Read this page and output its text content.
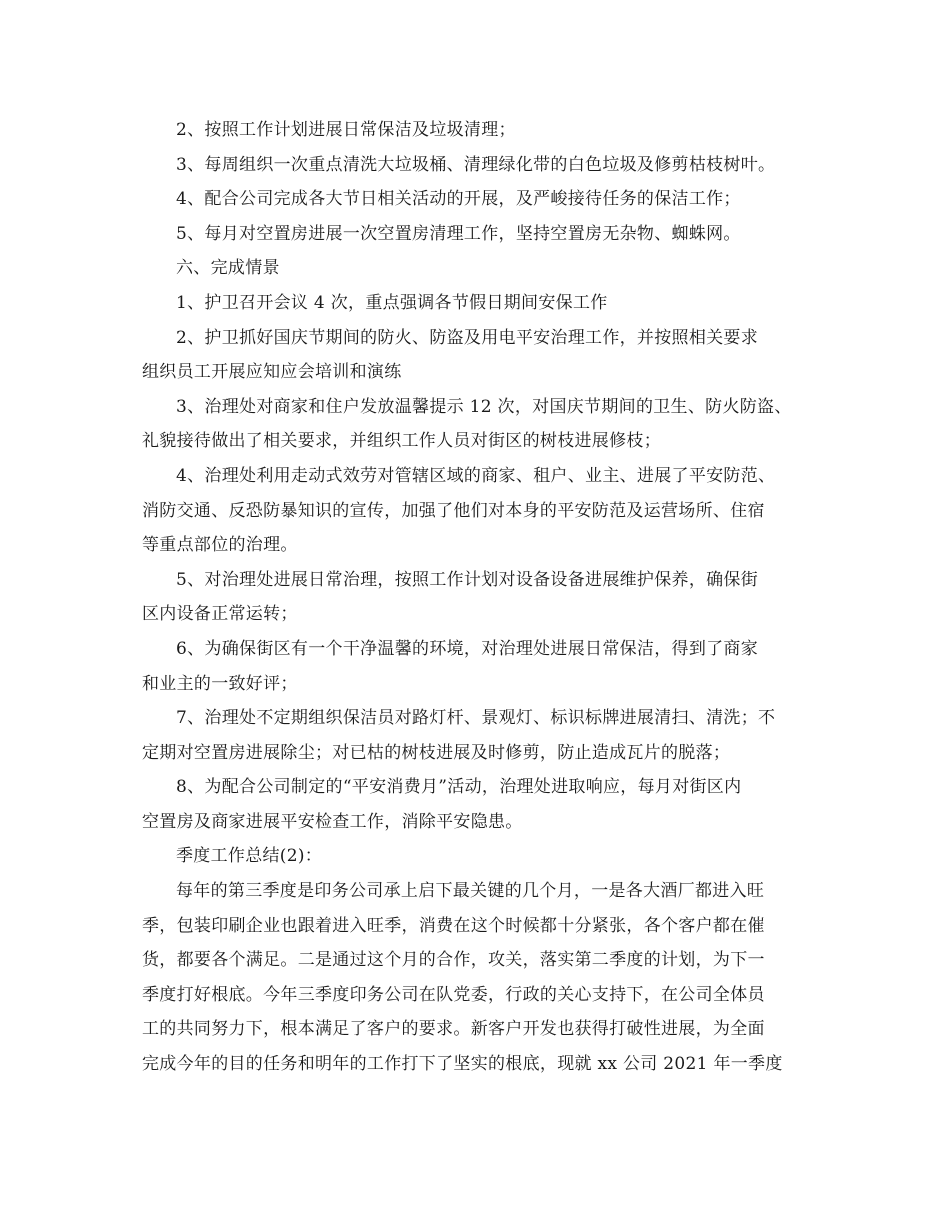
2、按照工作计划进展日常保洁及垃圾清理；
3、每周组织一次重点清洗大垃圾桶、清理绿化带的白色垃圾及修剪枯枝树叶。
4、配合公司完成各大节日相关活动的开展，及严峻接待任务的保洁工作；
5、每月对空置房进展一次空置房清理工作，坚持空置房无杂物、蜘蛛网。
六、完成情景
1、护卫召开会议 4 次，重点强调各节假日期间安保工作
2、护卫抓好国庆节期间的防火、防盗及用电平安治理工作，并按照相关要求
组织员工开展应知应会培训和演练
3、治理处对商家和住户发放温馨提示 12 次，对国庆节期间的卫生、防火防盗、
礼貌接待做出了相关要求，并组织工作人员对街区的树枝进展修枝；
4、治理处利用走动式效劳对管辖区域的商家、租户、业主、进展了平安防范、
消防交通、反恐防暴知识的宣传，加强了他们对本身的平安防范及运营场所、住宿
等重点部位的治理。
5、对治理处进展日常治理，按照工作计划对设备设备进展维护保养，确保街
区内设备正常运转；
6、为确保街区有一个干净温馨的环境，对治理处进展日常保洁，得到了商家
和业主的一致好评；
7、治理处不定期组织保洁员对路灯杆、景观灯、标识标牌进展清扫、清洗；不
定期对空置房进展除尘；对已枯的树枝进展及时修剪，防止造成瓦片的脱落；
8、为配合公司制定的“平安消费月”活动，治理处进取响应，每月对街区内
空置房及商家进展平安检查工作，消除平安隐患。
季度工作总结(2)：
每年的第三季度是印务公司承上启下最关键的几个月，一是各大酒厂都进入旺
季，包装印刷企业也跟着进入旺季，消费在这个时候都十分紧张，各个客户都在催
货，都要各个满足。二是通过这个月的合作，攻关，落实第二季度的计划，为下一
季度打好根底。今年三季度印务公司在队党委，行政的关心支持下，在公司全体员
工的共同努力下，根本满足了客户的要求。新客户开发也获得打破性进展，为全面
完成今年的目的任务和明年的工作打下了坚实的根底，现就 xx 公司 2021 年一季度
